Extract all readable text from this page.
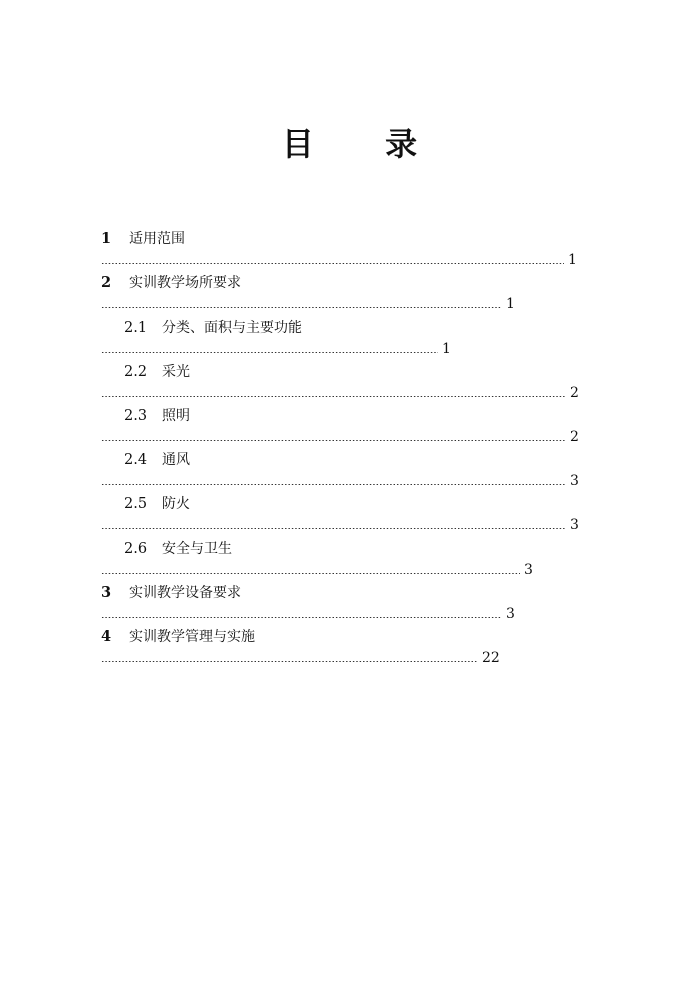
目 录
1 适用范围
1
2 实训教学场所要求
1
2.1 分类、面积与主要功能
1
2.2 采光
2
2.3 照明
2
2.4 通风
3
2.5 防火
3
2.6 安全与卫生
3
3 实训教学设备要求
3
4 实训教学管理与实施
22
